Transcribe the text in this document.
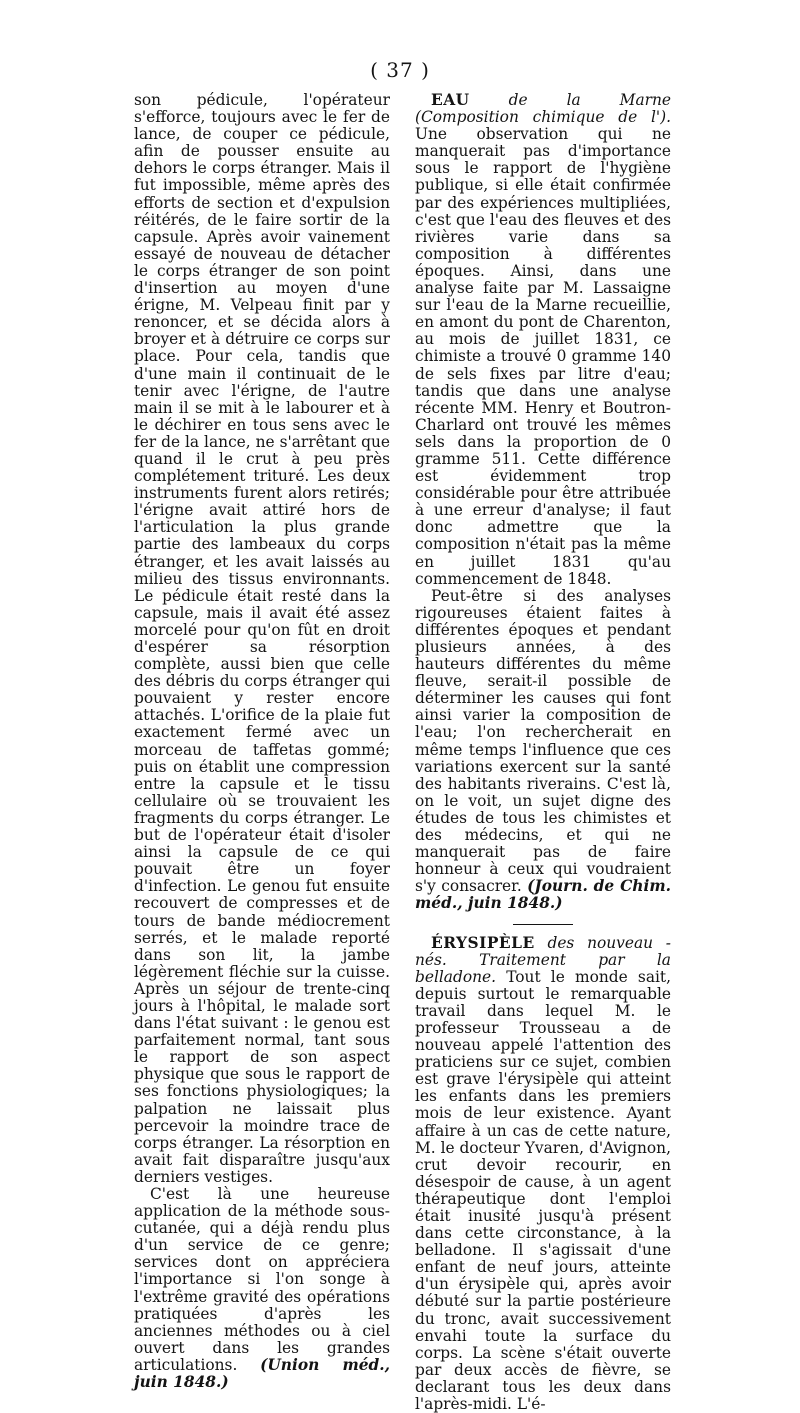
( 37 )

son pédicule, l'opérateur s'efforce, toujours avec le fer de lance, de couper ce pédicule, afin de pousser ensuite au dehors le corps étranger. Mais il fut impossible, même après des efforts de section et d'expulsion réitérés, de le faire sortir de la capsule. Après avoir vainement essayé de nouveau de détacher le corps étranger de son point d'insertion au moyen d'une érigne, M. Velpeau finit par y renoncer, et se décida alors à broyer et à détruire ce corps sur place. Pour cela, tandis que d'une main il continuait de le tenir avec l'érigne, de l'autre main il se mit à le labourer et à le déchirer en tous sens avec le fer de la lance, ne s'arrêtant que quand il le crut à peu près complétement trituré. Les deux instruments furent alors retirés; l'érigne avait attiré hors de l'articulation la plus grande partie des lambeaux du corps étranger, et les avait laissés au milieu des tissus environnants. Le pédicule était resté dans la capsule, mais il avait été assez morcelé pour qu'on fût en droit d'espérer sa résorption complète, aussi bien que celle des débris du corps étranger qui pouvaient y rester encore attachés. L'orifice de la plaie fut exactement fermé avec un morceau de taffetas gommé; puis on établit une compression entre la capsule et le tissu cellulaire où se trouvaient les fragments du corps étranger. Le but de l'opérateur était d'isoler ainsi la capsule de ce qui pouvait être un foyer d'infection. Le genou fut ensuite recouvert de compresses et de tours de bande médiocrement serrés, et le malade reporté dans son lit, la jambe légèrement fléchie sur la cuisse. Après un séjour de trente-cinq jours à l'hôpital, le malade sort dans l'état suivant : le genou est parfaitement normal, tant sous le rapport de son aspect physique que sous le rapport de ses fonctions physiologiques; la palpation ne laissait plus percevoir la moindre trace de corps étranger. La résorption en avait fait disparaître jusqu'aux derniers vestiges.

C'est là une heureuse application de la méthode sous-cutanée, qui a déjà rendu plus d'un service de ce genre; services dont on appréciera l'importance si l'on songe à l'extrême gravité des opérations pratiquées d'après les anciennes méthodes ou à ciel ouvert dans les grandes articulations. (Union méd., juin 1848.)

EAU	de la Marne (Composition chimique de l'). Une observation qui ne manquerait pas d'importance sous le rapport de l'hygiène publique, si elle était confirmée par des expériences multipliées, c'est que l'eau des fleuves et des rivières varie dans sa composition à différentes époques. Ainsi, dans une analyse faite par M. Lassaigne sur l'eau de la Marne recueillie, en amont du pont de Charenton, au mois de juillet 1831, ce chimiste a trouvé 0 gramme 140 de sels fixes par litre d'eau; tandis que dans une analyse récente MM. Henry et Boutron-Charlard ont trouvé les mêmes sels dans la proportion de 0 gramme 511. Cette différence est évidemment trop considérable pour être attribuée à une erreur d'analyse; il faut donc admettre que la composition n'était pas la même en juillet 1831 qu'au commencement de 1848.

Peut-être si des analyses rigoureuses étaient faites à différentes époques et pendant plusieurs années, à des hauteurs différentes du même fleuve, serait-il possible de déterminer les causes qui font ainsi varier la composition de l'eau; l'on rechercherait en même temps l'influence que ces variations exercent sur la santé des habitants riverains. C'est là, on le voit, un sujet digne des études de tous les chimistes et des médecins, et qui ne manquerait pas de faire honneur à ceux qui voudraient s'y consacrer. (Journ. de Chim. méd., juin 1848.)

ÉRYSIPÈLE des nouveau - nés. Traitement par la belladone. Tout le monde sait, depuis surtout le remarquable travail dans lequel M. le professeur Trousseau a de nouveau appelé l'attention des praticiens sur ce sujet, combien est grave l'érysipèle qui atteint les enfants dans les premiers mois de leur existence. Ayant affaire à un cas de cette nature, M. le docteur Yvaren, d'Avignon, crut devoir recourir, en désespoir de cause, à un agent thérapeutique dont l'emploi était inusité jusqu'à présent dans cette circonstance, à la belladone. Il s'agissait d'une enfant de neuf jours, atteinte d'un érysipèle qui, après avoir débuté sur la partie postérieure du tronc, avait successivement envahi toute la surface du corps. La scène s'était ouverte par deux accès de fièvre, se declarant tous les deux dans l'après-midi. L'é-
